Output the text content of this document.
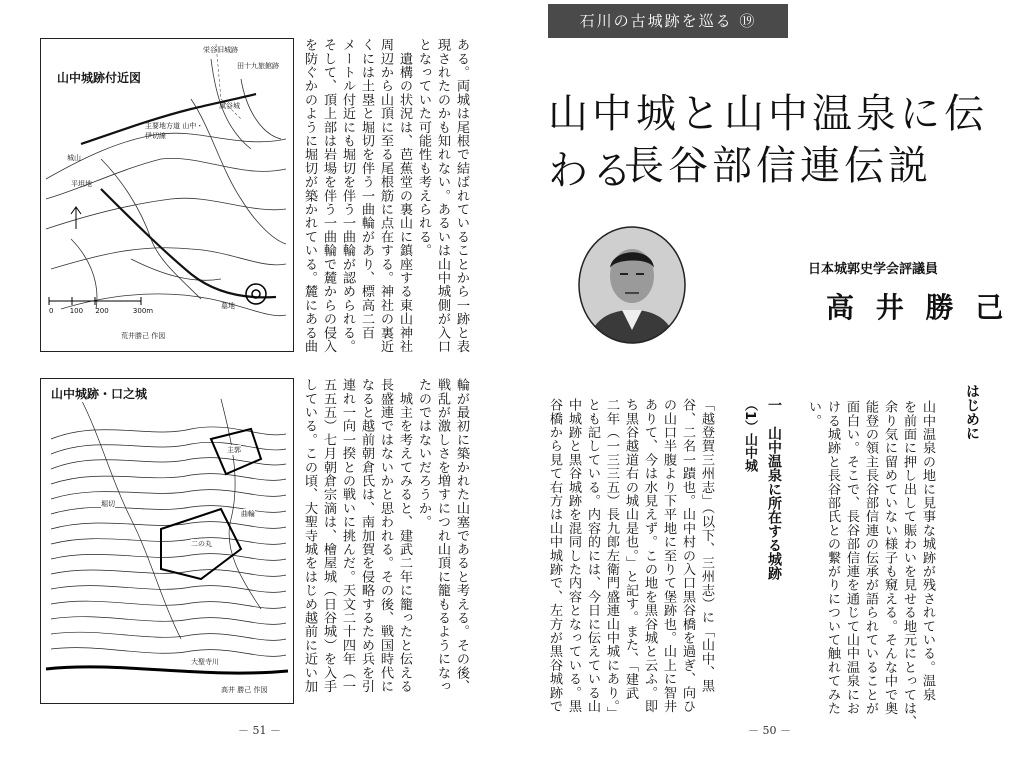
山中城跡付近図
栄谷旧城跡
田十九旅館跡
風谷城
主要地方道 山中・伊切線
城山
平坦地
墓地
0 100 200	300m
荒井勝己 作図
山中城跡・口之城
主郭
二の丸
堀切
曲輪
大聖寺川
高井 勝己 作図
ある。両城は尾根で結ばれていることから一跡と表
現されたのかも知れない。あるいは山中城側が入口
となっていた可能性も考えられる。
　遺構の状況は、芭蕉堂の裏山に鎮座する東山神社
周辺から山頂に至る尾根筋に点在する。神社の裏近
くには土塁と堀切を伴う一曲輪があり、標高二百
メートル付近にも堀切を伴う一曲輪が認められる。
そして、頂上部は岩場を伴う一曲輪で麓からの侵入
を防ぐかのように堀切が築かれている。麓にある曲
輪が最初に築かれた山塞であると考える。その後、
戦乱が激しさを増すにつれ山頂に籠もるようになっ
たのではないだろうか。
　城主を考えてみると、建武二年に籠ったと伝える
長盛連ではないかと思われる。その後、戦国時代に
なると越前朝倉氏は、南加賀を侵略するため兵を引
連れ一向一揆との戦いに挑んだ。天文二十四年（一
五五五）七月朝倉宗滴は、檜屋城（日谷城）を入手
している。この頃、大聖寺城をはじめ越前に近い加
－ 51 －
石川の古城跡を巡る ⑲
山中城と山中温泉に伝わる
長谷部信連伝説
日本城郭史学会評議員
高 井 勝 己
はじめに
山中温泉の地に見事な城跡が残されている。温泉
を前面に押し出して賑わいを見せる地元にとっては、
余り気に留めていない様子も窺える。そんな中で奥
能登の領主長谷部信連の伝承が語られていることが
面白い。そこで、長谷部信連を通じて山中温泉にお
ける城跡と長谷部氏との繋がりについて触れてみた
い。
一　山中温泉に所在する城跡
（1）山中城
「越登賀三州志」（以下、三州志）に「山中、黒
谷、二名一蹟也。山中村の入口黒谷橋を過ぎ、向ひ
の山口半腹より下平地に至りて堡跡也。山上に智井
ありて、今は水見えず。この地を黒谷城と云ふ。即
ち黒谷越道右の城山是也。」と記す。また、「建武
二年（一三三五）長九郎左衛門盛連山中城にあり。」
とも記している。内容的には、今日に伝えている山
中城跡と黒谷城跡を混同した内容となっている。黒
谷橋から見て右方は山中城跡で、左方が黒谷城跡で
－ 50 －
